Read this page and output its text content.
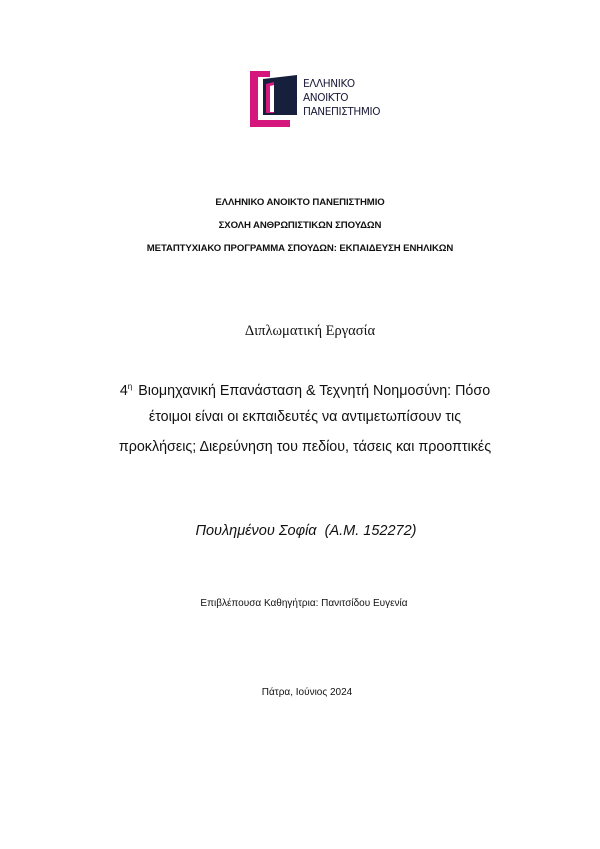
ΕΛΛΗΝΙΚΟ
ΑΝΟΙΚΤΟ
ΠΑΝΕΠΙΣΤΗΜΙΟ
ΕΛΛΗΝΙΚΟ ΑΝΟΙΚΤΟ ΠΑΝΕΠΙΣΤΗΜΙΟ
ΣΧΟΛΗ ΑΝΘΡΩΠΙΣΤΙΚΩΝ ΣΠΟΥΔΩΝ
ΜΕΤΑΠΤΥΧΙΑΚΟ ΠΡΟΓΡΑΜΜΑ ΣΠΟΥΔΩΝ: ΕΚΠΑΙΔΕΥΣΗ ΕΝΗΛΙΚΩΝ
Διπλωματική Εργασία
$4^\eta$ Βιομηχανική Επανάσταση & Τεχνητή Νοημοσύνη: Πόσο
έτοιμοι είναι οι εκπαιδευτές να αντιμετωπίσουν τις
προκλήσεις; Διερεύνηση του πεδίου, τάσεις και προοπτικές
Πουλημένου Σοφία  (Α.Μ. 152272)
Επιβλέπουσα Καθηγήτρια: Πανιτσίδου Ευγενία
Πάτρα, Ιούνιος 2024
